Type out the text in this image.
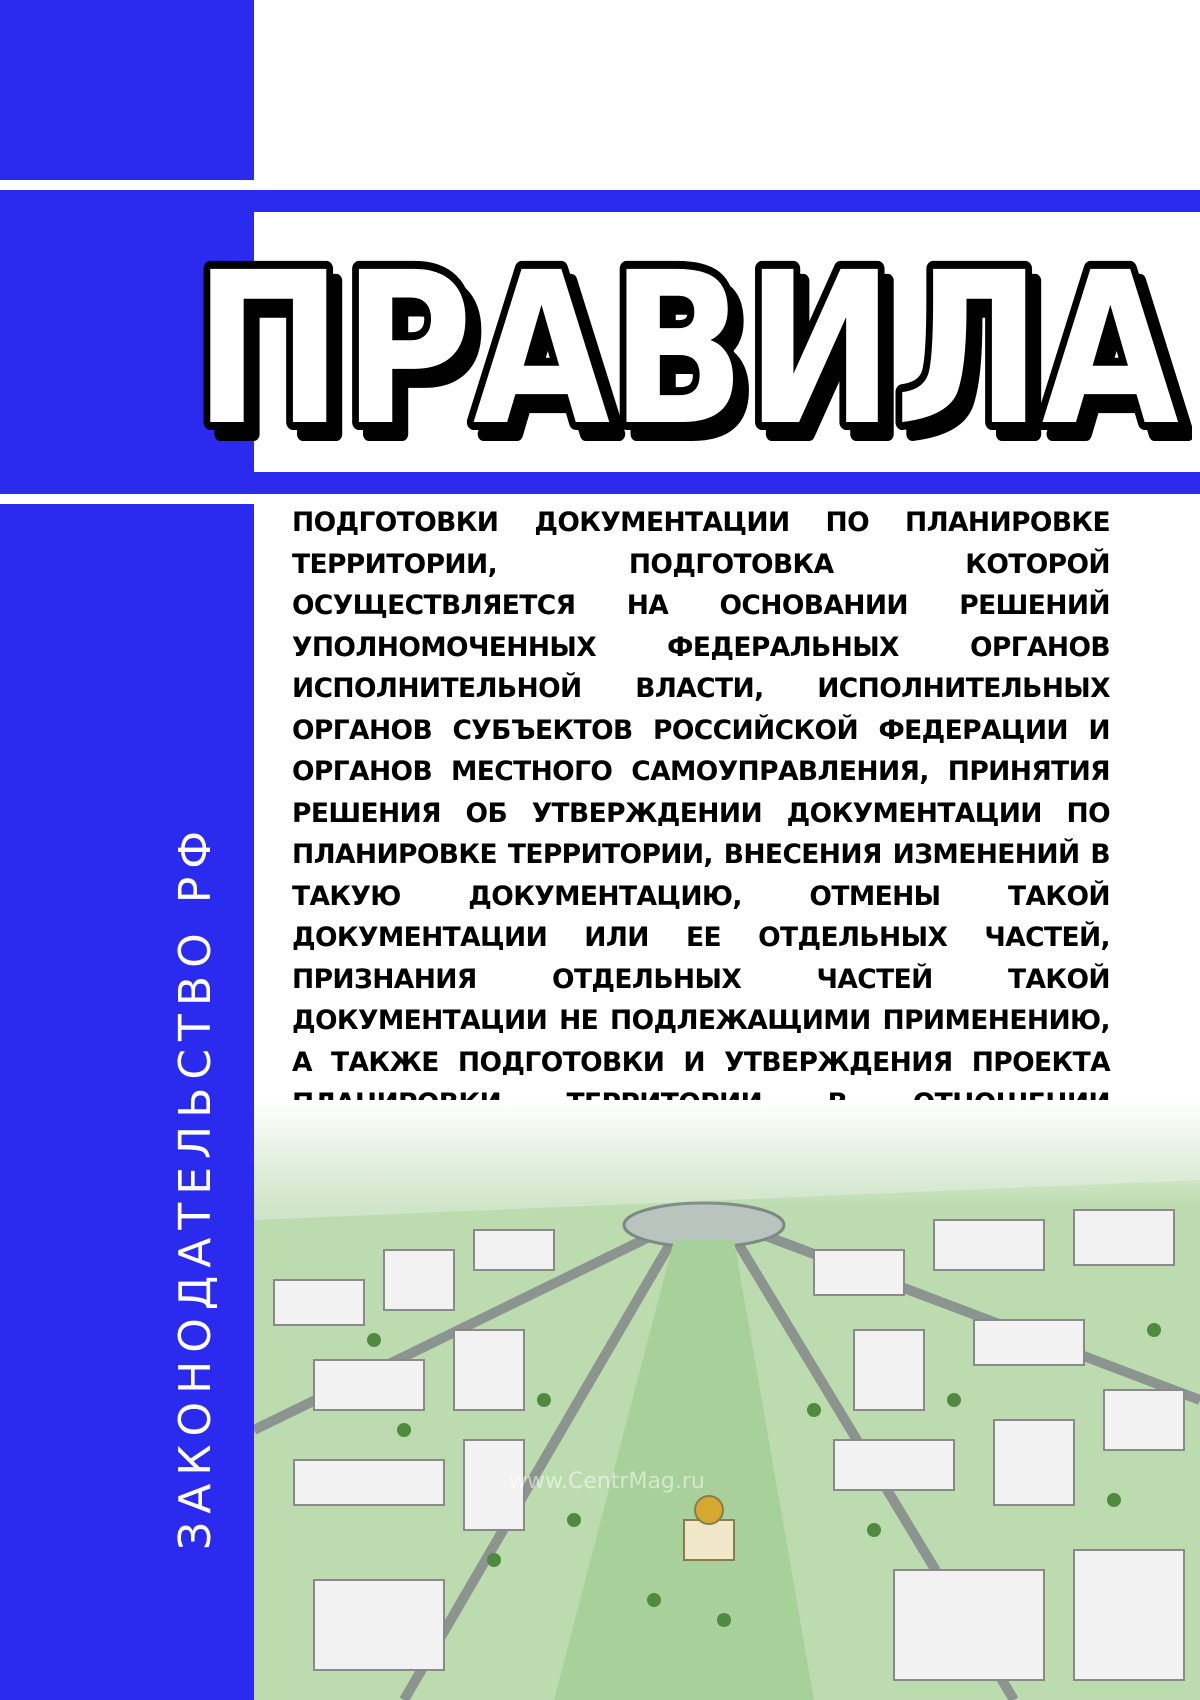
ПРАВИЛА
ПРАВИЛА
ПРАВИЛА
ЗАКОНОДАТЕЛЬСТВО РФ
ПОДГОТОВКИ ДОКУМЕНТАЦИИ ПО ПЛАНИРОВКЕ ТЕРРИТОРИИ, ПОДГОТОВКА КОТОРОЙ ОСУЩЕСТВЛЯЕТСЯ НА ОСНОВАНИИ РЕШЕНИЙ УПОЛНОМОЧЕННЫХ ФЕДЕРАЛЬНЫХ ОРГАНОВ ИСПОЛНИТЕЛЬНОЙ ВЛАСТИ, ИСПОЛНИТЕЛЬНЫХ ОРГАНОВ СУБЪЕКТОВ РОССИЙСКОЙ ФЕДЕРАЦИИ И ОРГАНОВ МЕСТНОГО САМОУПРАВЛЕНИЯ, ПРИНЯТИЯ РЕШЕНИЯ ОБ УТВЕРЖДЕНИИ ДОКУМЕНТАЦИИ ПО ПЛАНИРОВКЕ ТЕРРИТОРИИ, ВНЕСЕНИЯ ИЗМЕНЕНИЙ В ТАКУЮ ДОКУМЕНТАЦИЮ, ОТМЕНЫ ТАКОЙ ДОКУМЕНТАЦИИ ИЛИ ЕЕ ОТДЕЛЬНЫХ ЧАСТЕЙ, ПРИЗНАНИЯ ОТДЕЛЬНЫХ ЧАСТЕЙ ТАКОЙ ДОКУМЕНТАЦИИ НЕ ПОДЛЕЖАЩИМИ ПРИМЕНЕНИЮ, А ТАКЖЕ ПОДГОТОВКИ И УТВЕРЖДЕНИЯ ПРОЕКТА
www.CentrMag.ru
